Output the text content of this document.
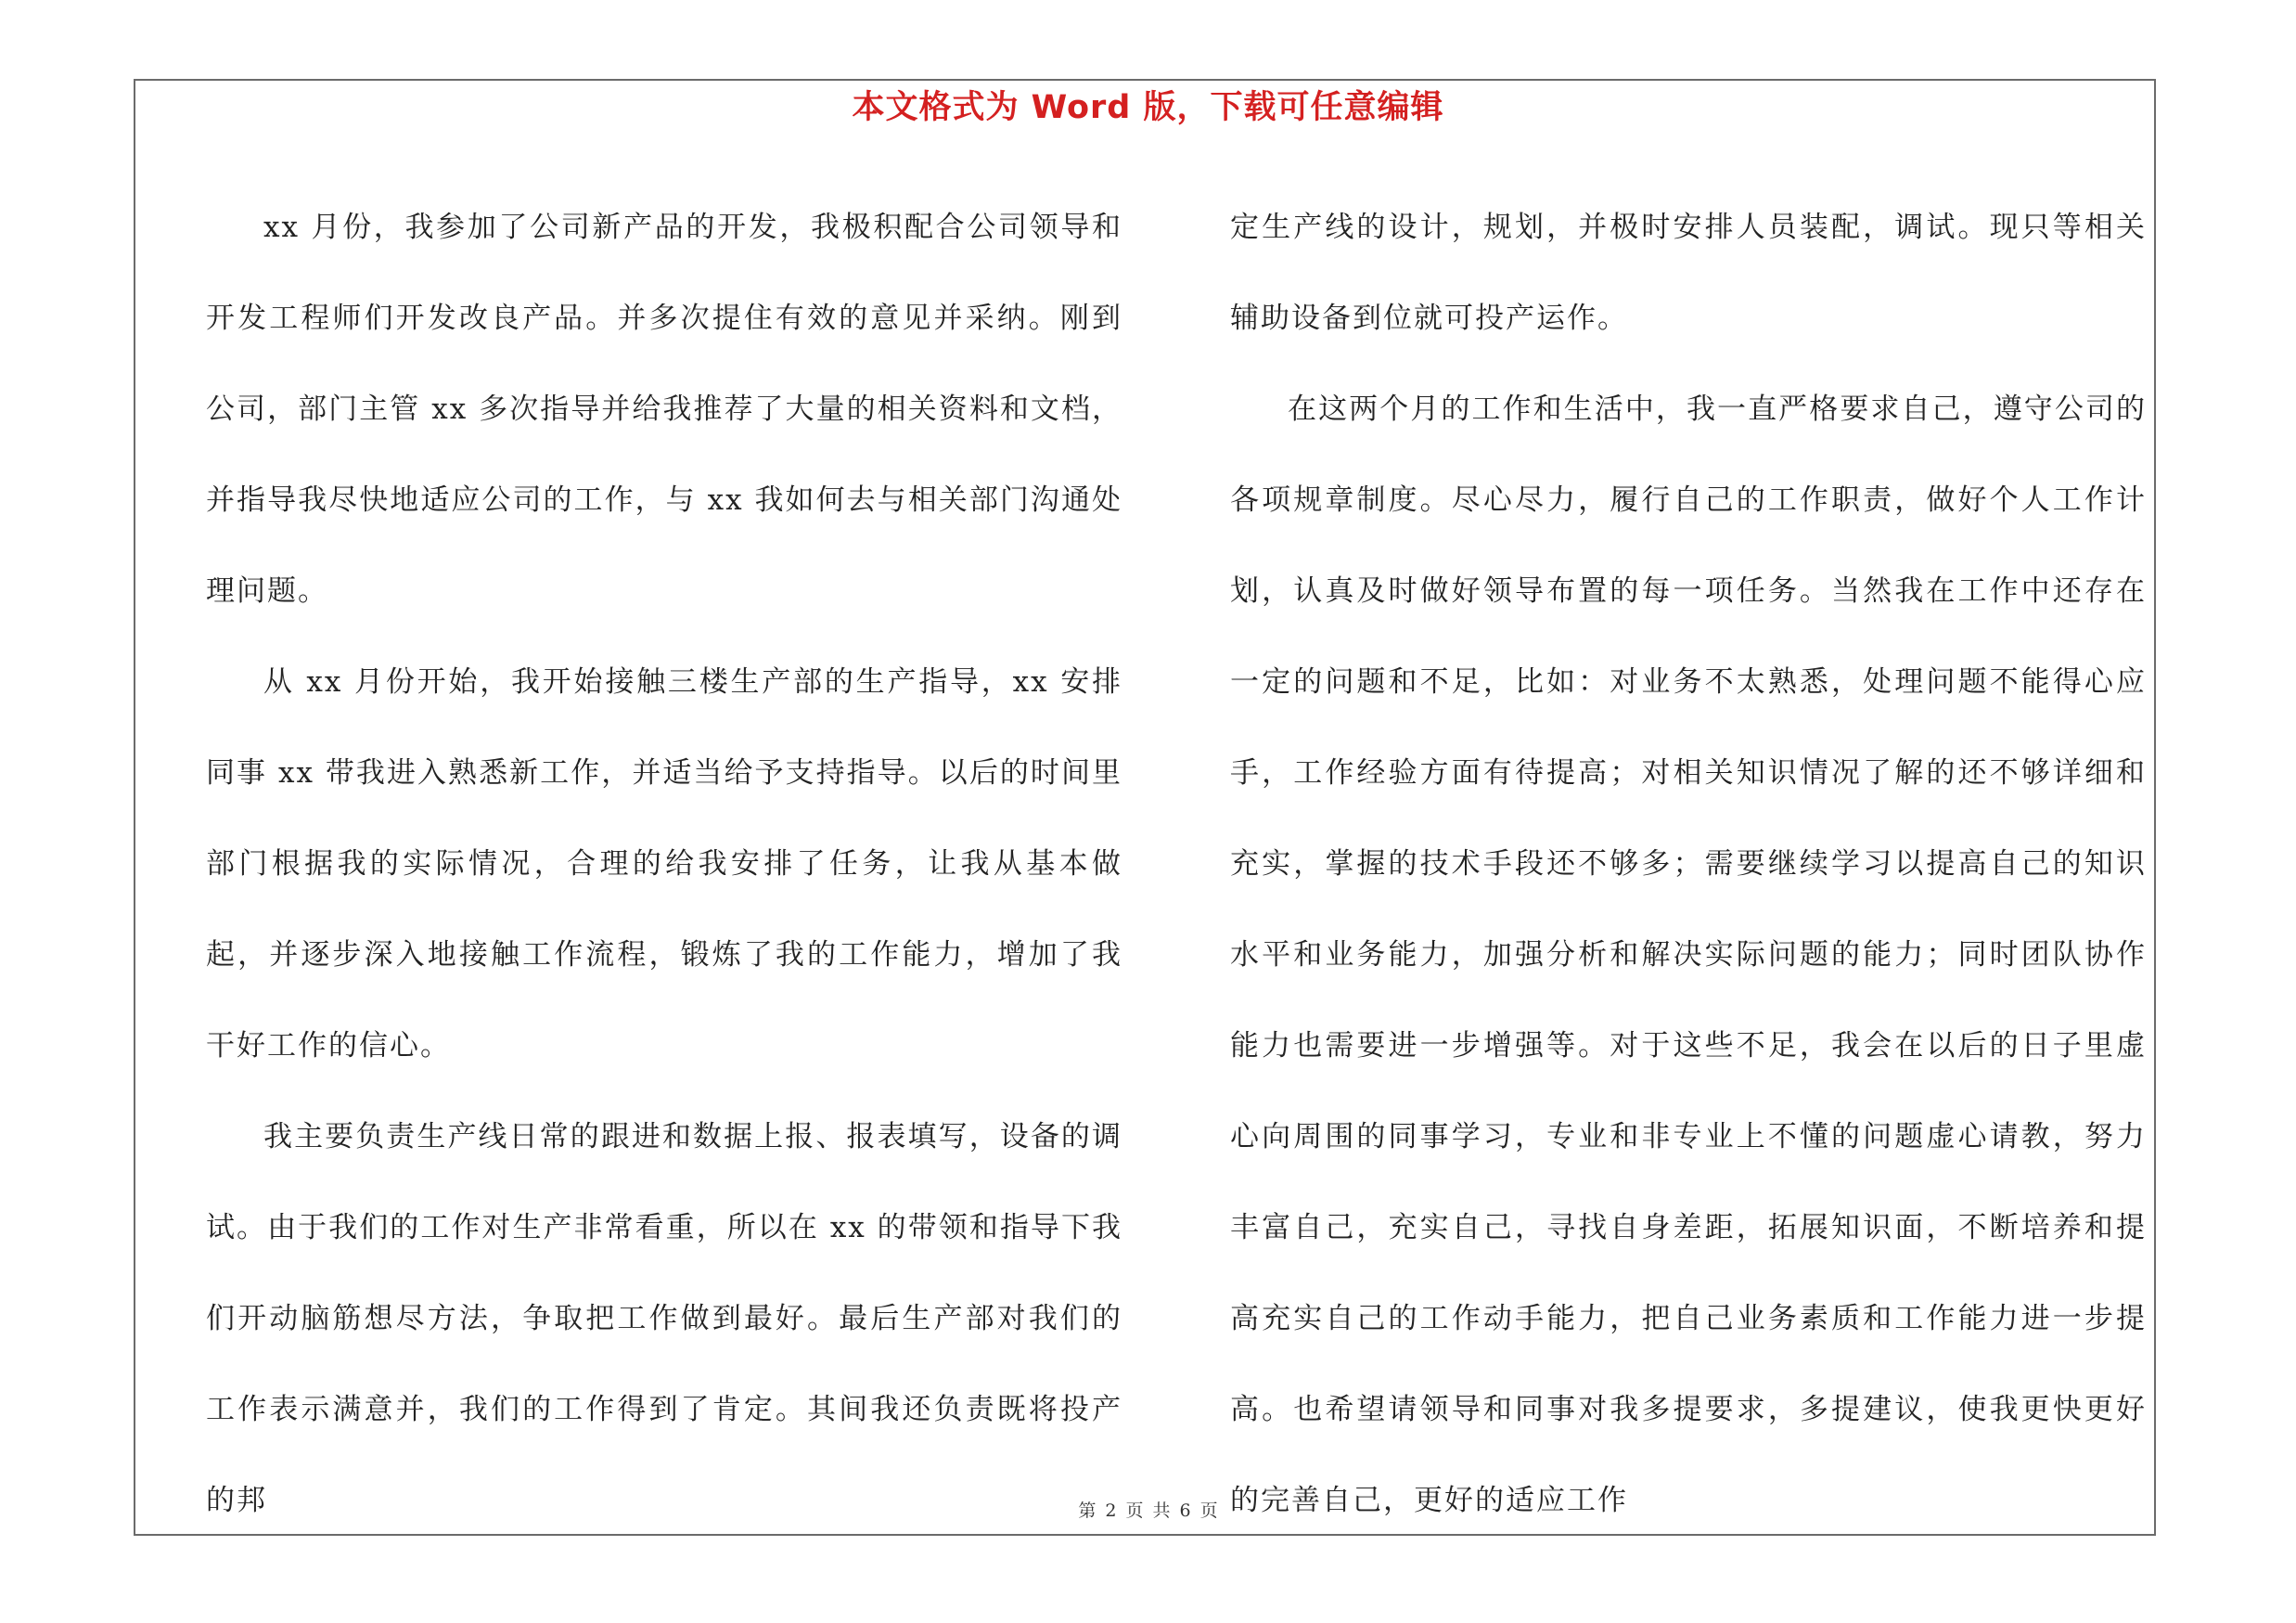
本文格式为 Word 版，下载可任意编辑

xx 月份，我参加了公司新产品的开发，我极积配合公司领导和开发工程师们开发改良产品。并多次提住有效的意见并采纳。刚到公司，部门主管 xx 多次指导并给我推荐了大量的相关资料和文档，并指导我尽快地适应公司的工作，与 xx 我如何去与相关部门沟通处理问题。

从 xx 月份开始，我开始接触三楼生产部的生产指导，xx 安排同事 xx 带我进入熟悉新工作，并适当给予支持指导。以后的时间里部门根据我的实际情况，合理的给我安排了任务，让我从基本做起，并逐步深入地接触工作流程，锻炼了我的工作能力，增加了我干好工作的信心。

我主要负责生产线日常的跟进和数据上报、报表填写，设备的调试。由于我们的工作对生产非常看重，所以在 xx 的带领和指导下我们开动脑筋想尽方法，争取把工作做到最好。最后生产部对我们的工作表示满意并，我们的工作得到了肯定。其间我还负责既将投产的邦

定生产线的设计，规划，并极时安排人员装配，调试。现只等相关辅助设备到位就可投产运作。

在这两个月的工作和生活中，我一直严格要求自己，遵守公司的各项规章制度。尽心尽力，履行自己的工作职责，做好个人工作计划，认真及时做好领导布置的每一项任务。当然我在工作中还存在一定的问题和不足，比如：对业务不太熟悉，处理问题不能得心应手，工作经验方面有待提高；对相关知识情况了解的还不够详细和充实，掌握的技术手段还不够多；需要继续学习以提高自己的知识水平和业务能力，加强分析和解决实际问题的能力；同时团队协作能力也需要进一步增强等。对于这些不足，我会在以后的日子里虚心向周围的同事学习，专业和非专业上不懂的问题虚心请教，努力丰富自己，充实自己，寻找自身差距，拓展知识面，不断培养和提高充实自己的工作动手能力，把自己业务素质和工作能力进一步提高。也希望请领导和同事对我多提要求，多提建议，使我更快更好的完善自己，更好的适应工作

第 2 页 共 6 页
